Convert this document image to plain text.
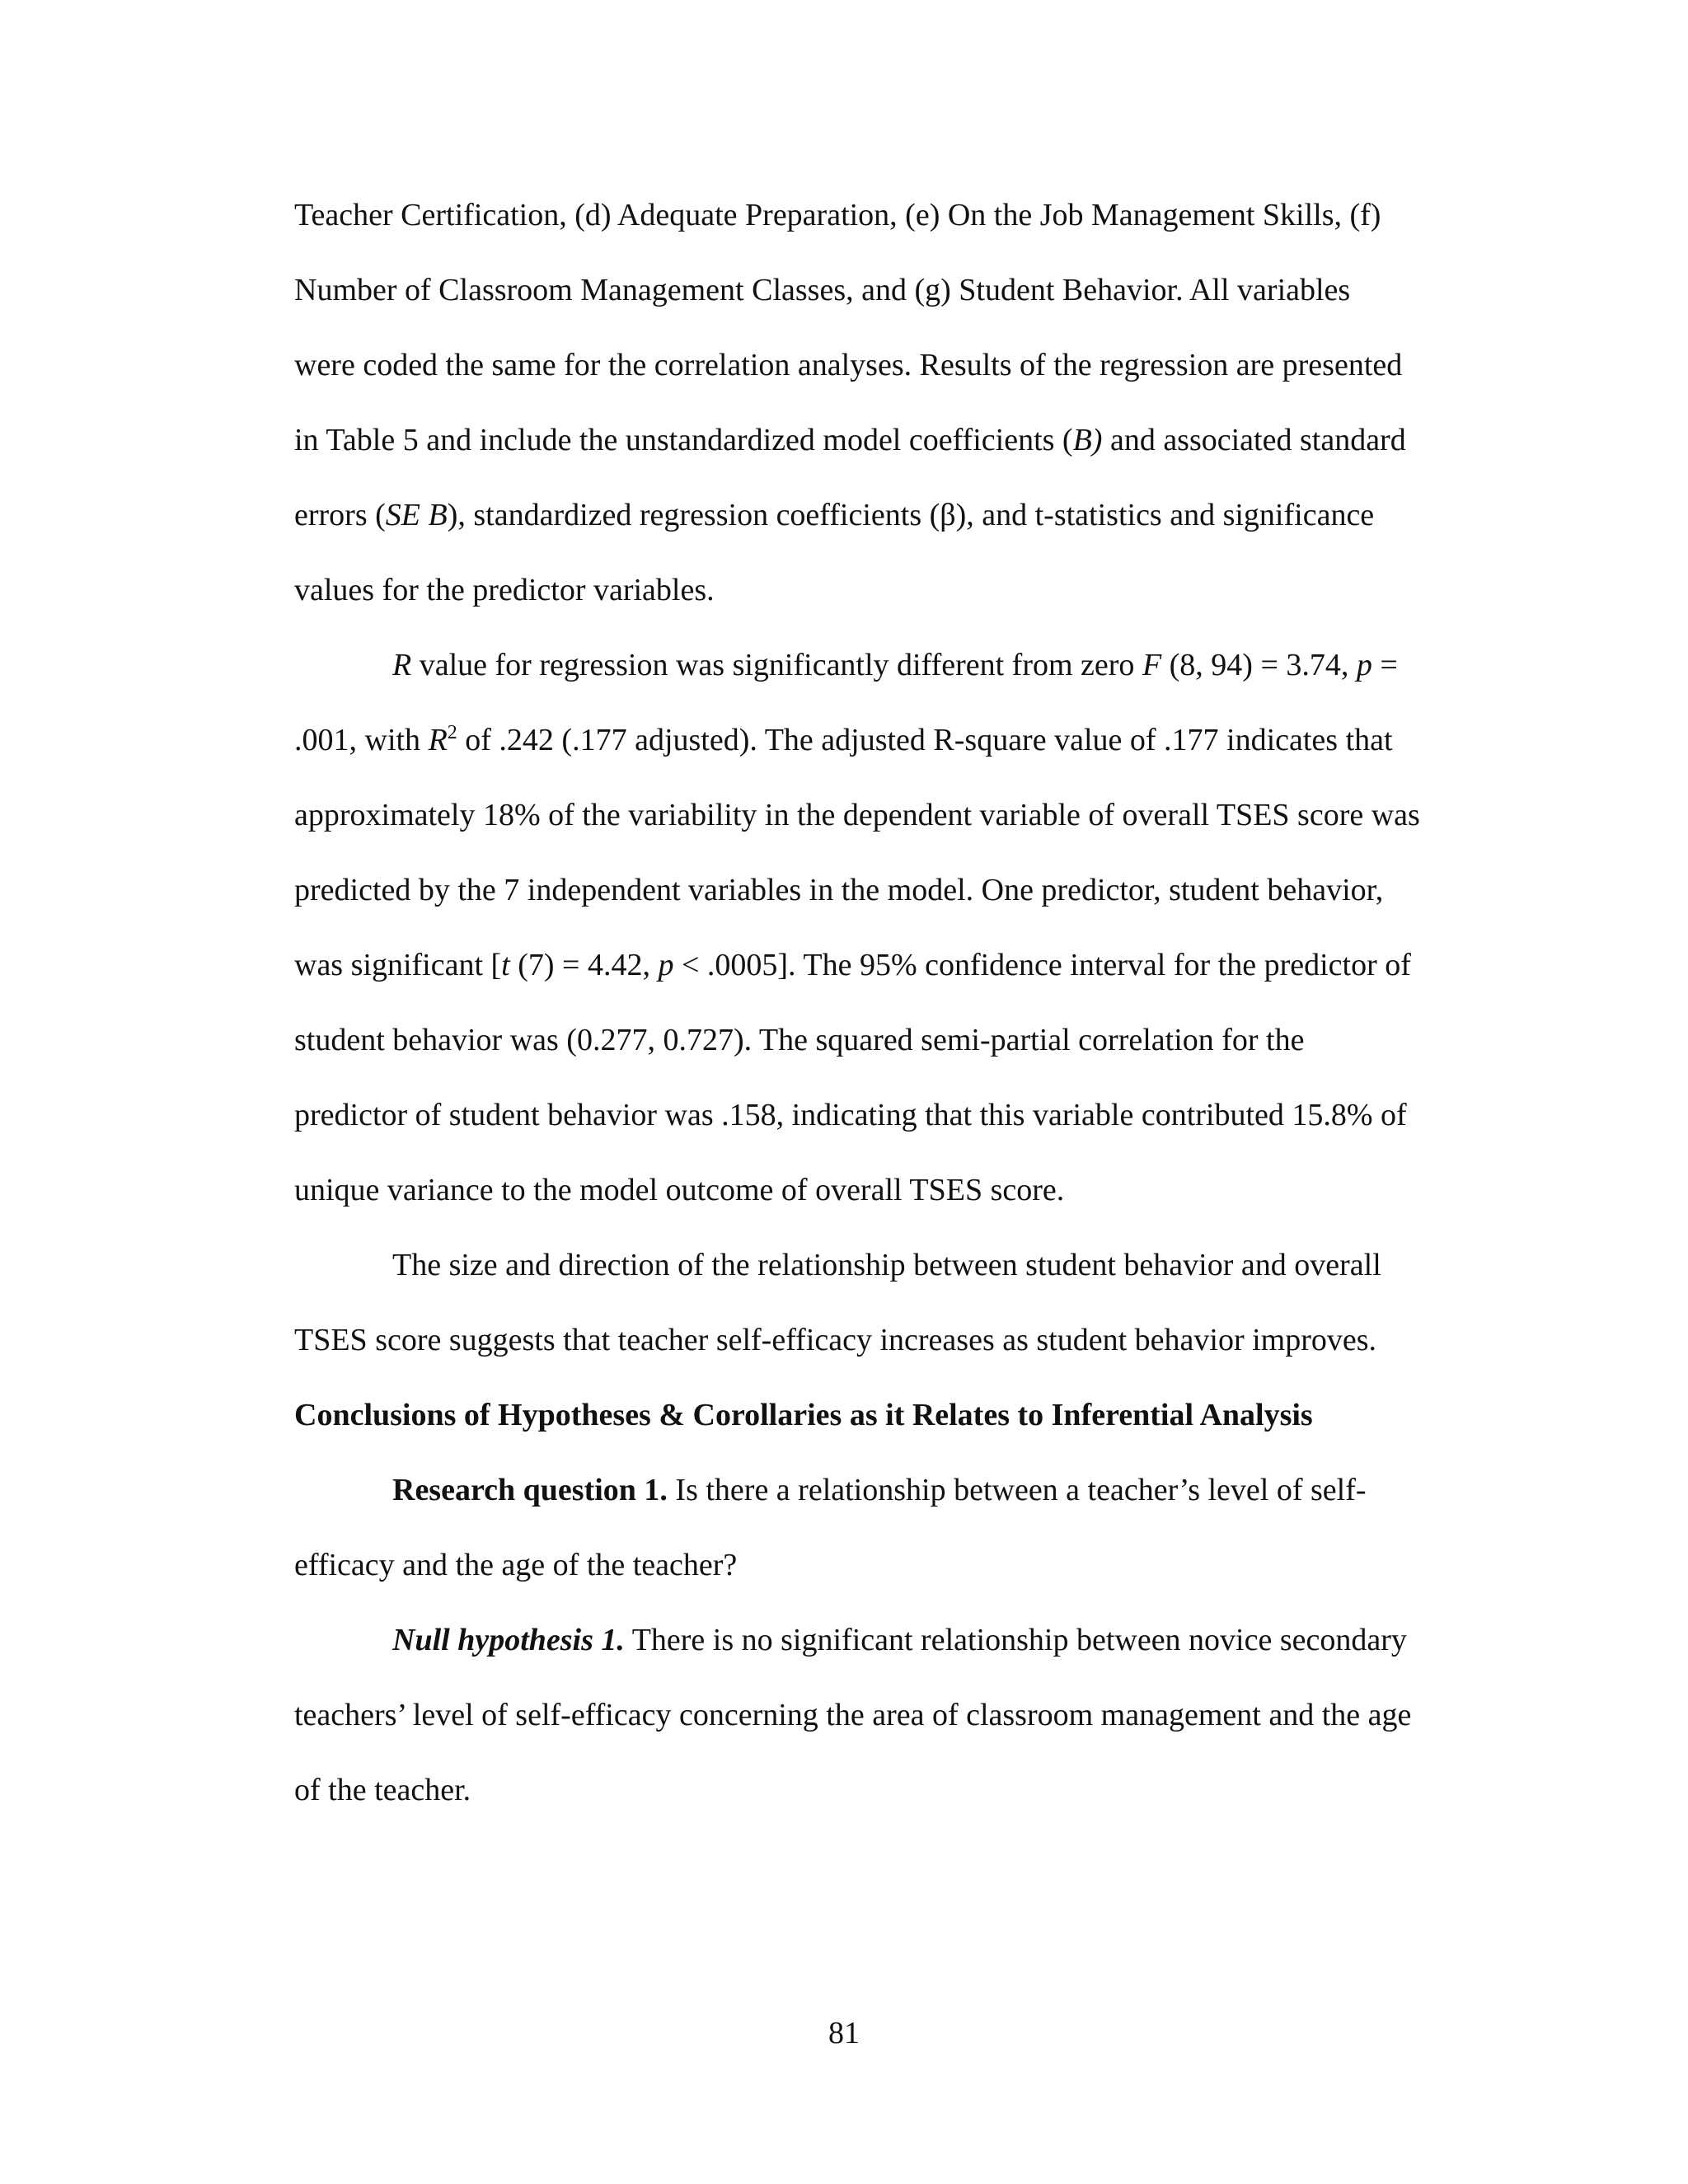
Teacher Certification, (d) Adequate Preparation, (e) On the Job Management Skills, (f)
Number of Classroom Management Classes, and (g) Student Behavior. All variables
were coded the same for the correlation analyses. Results of the regression are presented
in Table 5 and include the unstandardized model coefficients (B) and associated standard
errors (SE B), standardized regression coefficients (β), and t-statistics and significance
values for the predictor variables.
R value for regression was significantly different from zero F (8, 94) = 3.74, p =
.001, with $R^2$ of .242 (.177 adjusted). The adjusted R-square value of .177 indicates that
approximately 18% of the variability in the dependent variable of overall TSES score was
predicted by the 7 independent variables in the model. One predictor, student behavior,
was significant [t (7) = 4.42, p < .0005]. The 95% confidence interval for the predictor of
student behavior was (0.277, 0.727). The squared semi-partial correlation for the
predictor of student behavior was .158, indicating that this variable contributed 15.8% of
unique variance to the model outcome of overall TSES score.
The size and direction of the relationship between student behavior and overall
TSES score suggests that teacher self-efficacy increases as student behavior improves.
Conclusions of Hypotheses & Corollaries as it Relates to Inferential Analysis
Research question 1. Is there a relationship between a teacher’s level of self-
efficacy and the age of the teacher?
Null hypothesis 1. There is no significant relationship between novice secondary
teachers’ level of self-efficacy concerning the area of classroom management and the age
of the teacher.
81
